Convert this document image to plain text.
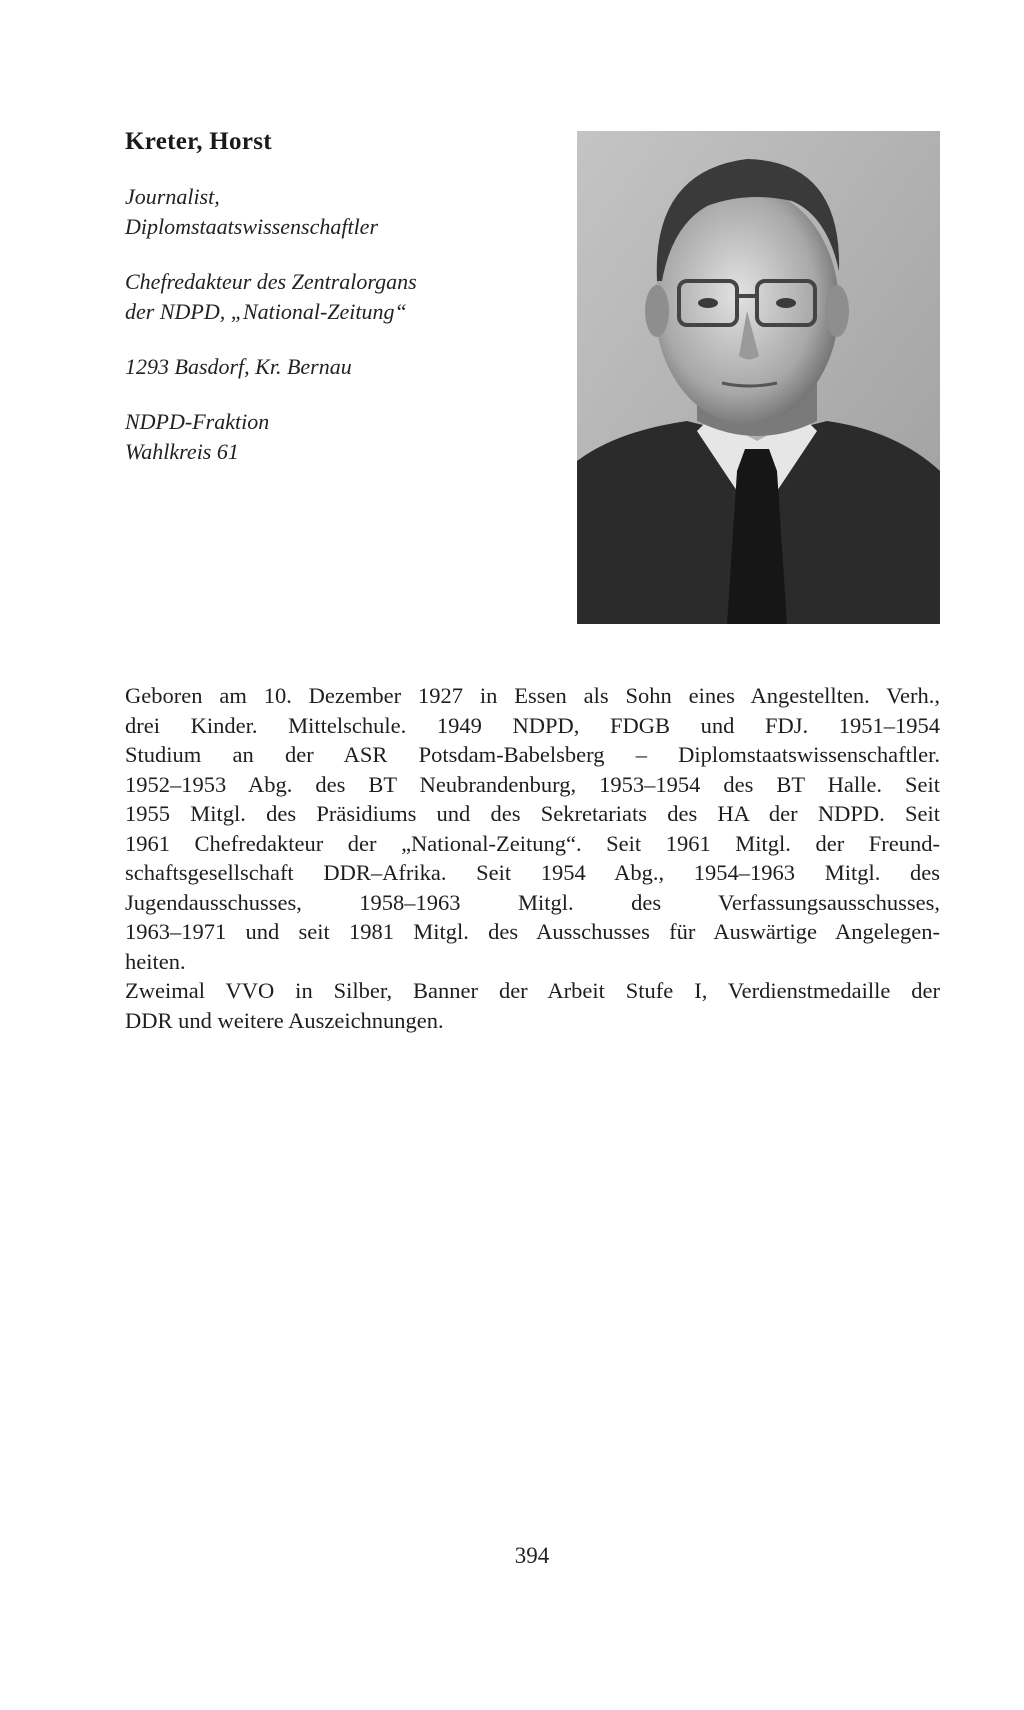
Kreter, Horst
Journalist,
Diplomstaatswissenschaftler
Chefredakteur des Zentralorgans
der NDPD, „National-Zeitung“
1293 Basdorf, Kr. Bernau
NDPD-Fraktion
Wahlkreis 61

Geboren am 10. Dezember 1927 in Essen als Sohn eines Angestellten. Verh.,
drei Kinder. Mittelschule. 1949 NDPD, FDGB und FDJ. 1951–1954
Studium an der ASR Potsdam-Babelsberg – Diplomstaatswissenschaftler.
1952–1953 Abg. des BT Neubrandenburg, 1953–1954 des BT Halle. Seit
1955 Mitgl. des Präsidiums und des Sekretariats des HA der NDPD. Seit
1961 Chefredakteur der „National-Zeitung“. Seit 1961 Mitgl. der Freund-
schaftsgesellschaft DDR–Afrika. Seit 1954 Abg., 1954–1963 Mitgl. des
Jugendausschusses, 1958–1963 Mitgl. des Verfassungsausschusses,
1963–1971 und seit 1981 Mitgl. des Ausschusses für Auswärtige Angelegen-
heiten.

Zweimal VVO in Silber, Banner der Arbeit Stufe I, Verdienstmedaille der
DDR und weitere Auszeichnungen.

394
